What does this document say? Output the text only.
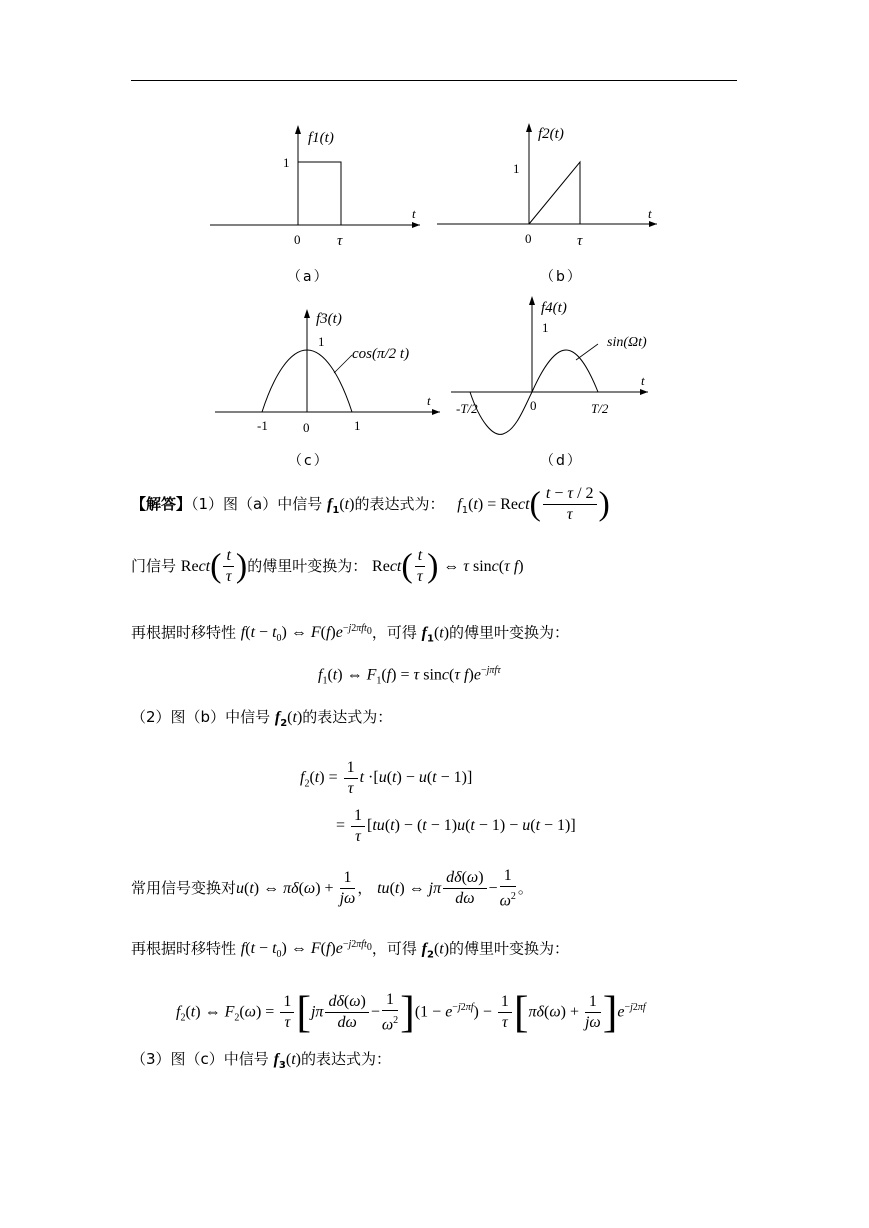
f1(t)
1
0 τ
t
（a）
f2(t)
1
0	τ
t
（b）
f3(t)
1
cos(π/2 t)
-1	0	1
t
（c）
f4(t)
1
sin(Ωt)
-T/2	0	T/2
t
（d）
【解答】（1）图（a）中信号 $f_1(t)$的表达式为： $f_1(t)$ = Rect( $\frac{t - \tau / 2}{\tau}$ )
门信号 Rect( $\frac{t}{\tau}$ )的傅里叶变换为： Rect( $\frac{t}{\tau}$ ) ⇔ τ sinc(τ f)
再根据时移特性 $f(t - t_0)$ ⇔ $F(f)e^{-j2\pi ft_0}$，可得 $f_1(t)$的傅里叶变换为：
$f_1(t)$ ⇔ $F_1(f) = \tau$ sinc(τ $f)e^{-j\pi f\tau}$
（2）图（b）中信号 $f_2(t)$的表达式为：
$f_2(t) = \frac{1}{\tau}$ t ·[u(t) − u(t − 1)]
= $\frac{1}{\tau} [tu(t) - (t - 1)u(t - 1) - u(t - 1)]$
常用信号变换对u(t) ⇔ $\pi\delta(\omega) + \frac{1}{j\omega}$ ， tu(t) ⇔ jπ $\frac{d\delta(\omega)}{d\omega} - \frac{1}{\omega^2}$ 。
再根据时移特性 $f(t - t_0)$ ⇔ $F(f)e^{-j2\pi ft_0}$，可得 $f_2(t)$的傅里叶变换为：
$f_2(t)$ ⇔ $F_2(\omega) = \frac{1}{\tau} [j\pi \frac{d\delta(\omega)}{d\omega} - \frac{1}{\omega^2} ](1 - e^{-j2\pi f}) - \frac{1}{\tau} [\pi\delta(\omega) + \frac{1}{j\omega} ]e^{-j2\pi f}$
（3）图（c）中信号 $f_3(t)$的表达式为：
